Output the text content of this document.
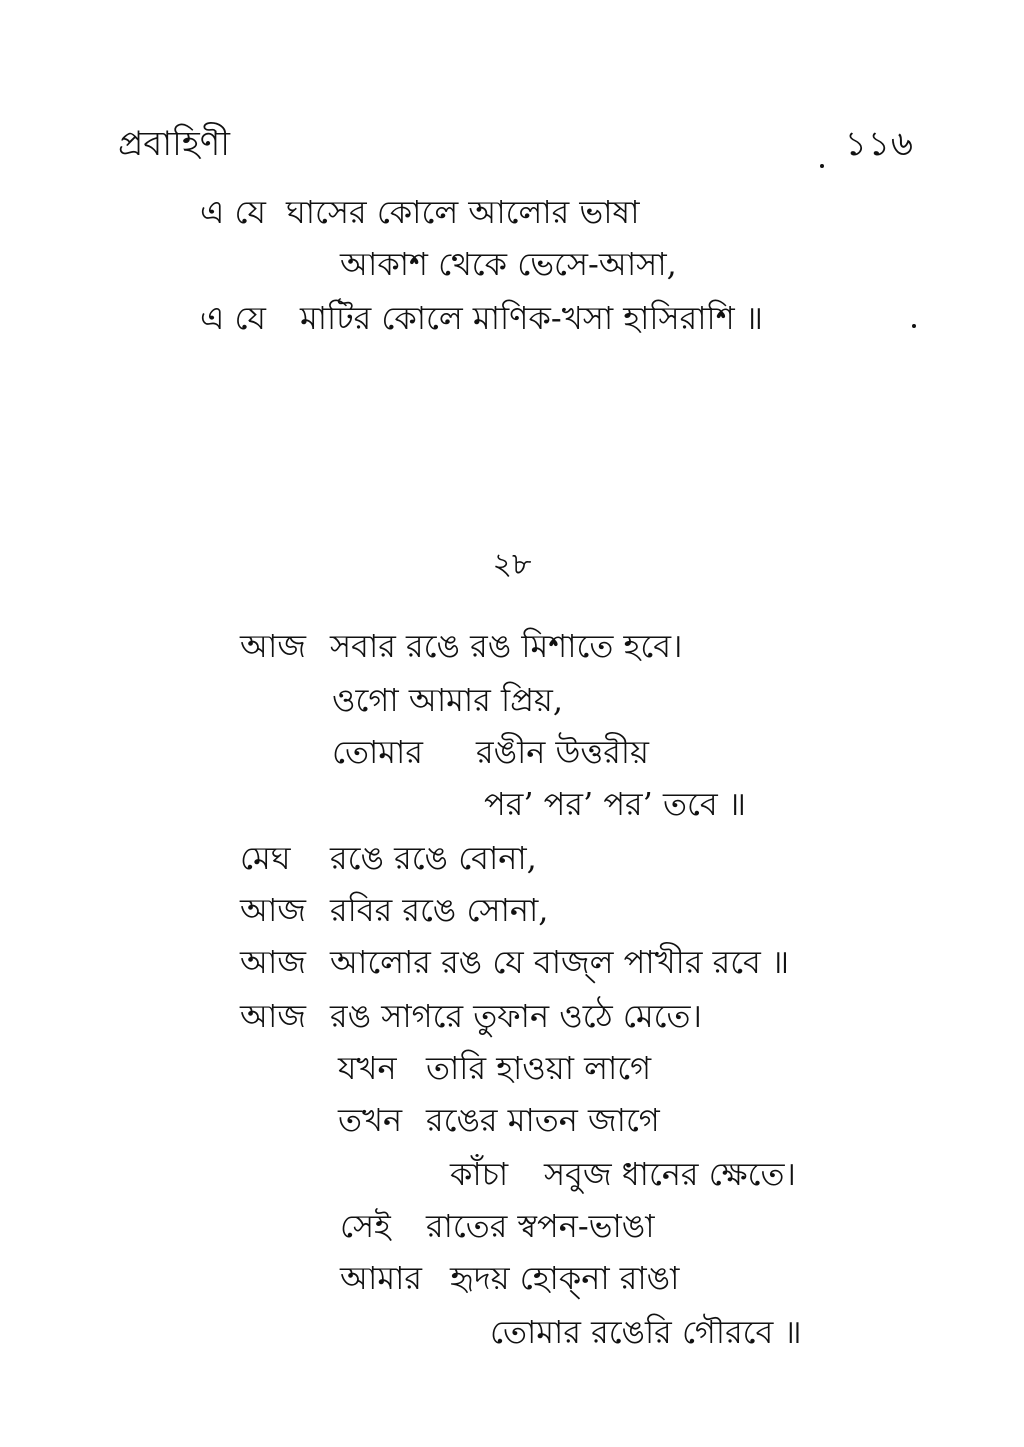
প্রবাহিণী	১১৬
এ যে ঘাসের কোলে আলোর ভাষা
আকাশ থেকে ভেসে-আসা,
এ যে মাটির কোলে মাণিক-খসা হাসিরাশি ॥
২৮
আজ সবার রঙে রঙ মিশাতে হবে।
ওগো আমার প্রিয়,
তোমার রঙীন উত্তরীয়
পর’ পর’ পর’ তবে ॥
মেঘ রঙে রঙে বোনা,
আজ রবির রঙে সোনা,
আজ আলোর রঙ যে বাজ্‌ল পাখীর রবে ॥
আজ রঙ সাগরে তুফান ওঠে মেতে।
যখন তারি হাওয়া লাগে
তখন রঙের মাতন জাগে
কাঁচা সবুজ ধানের ক্ষেতে।
সেই রাতের স্বপন-ভাঙা
আমার হৃদয় হোক্‌না রাঙা
তোমার রঙেরি গৌরবে ॥
